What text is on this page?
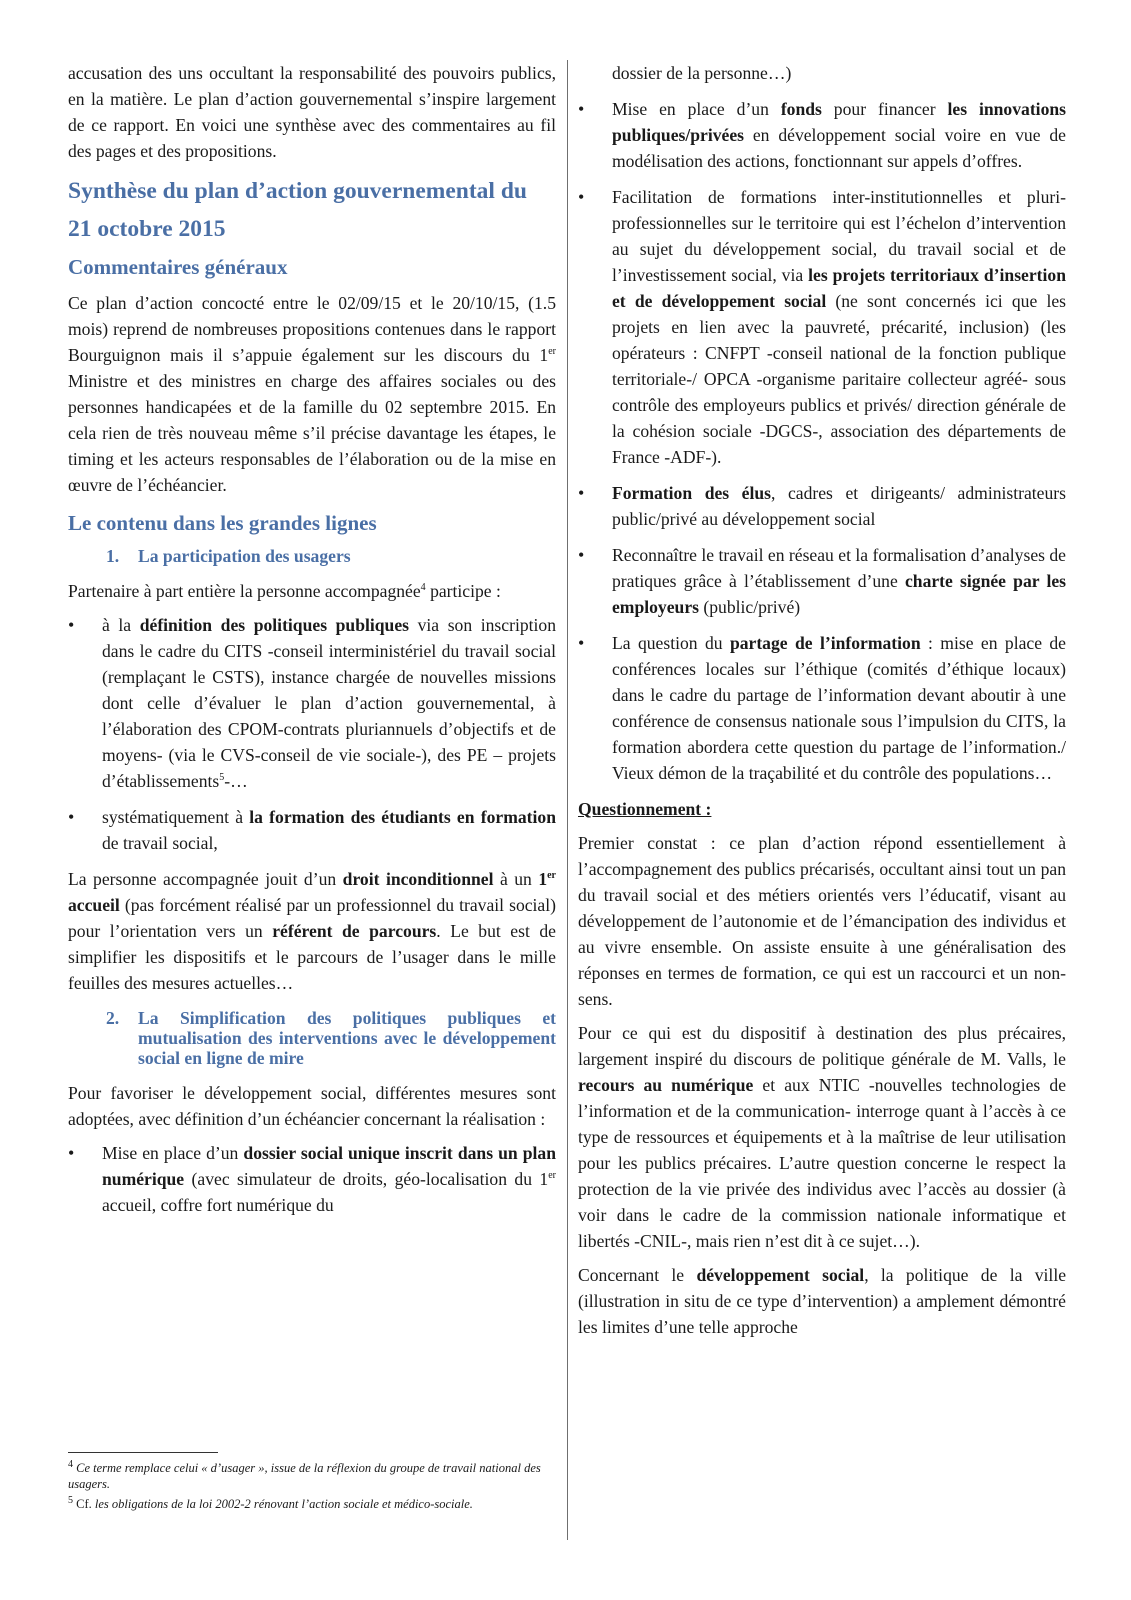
accusation des uns occultant la responsabilité des pouvoirs publics, en la matière. Le plan d’action gouvernemental s’inspire largement de ce rapport. En voici une synthèse avec des commentaires au fil des pages et des propositions.

Synthèse du plan d’action gouvernemental du 21 octobre 2015
Commentaires généraux

Ce plan d’action concocté entre le 02/09/15 et le 20/10/15, (1.5 mois) reprend de nombreuses propositions contenues dans le rapport Bourguignon mais il s’appuie également sur les discours du 1er Ministre et des ministres en charge des affaires sociales ou des personnes handicapées et de la famille du 02 septembre 2015. En cela rien de très nouveau même s’il précise davantage les étapes, le timing et les acteurs responsables de l’élaboration ou de la mise en œuvre de l’échéancier.

Le contenu dans les grandes lignes
1. La participation des usagers

Partenaire à part entière la personne accompagnée$^4$ participe :

• à la définition des politiques publiques via son inscription dans le cadre du CITS -conseil interministériel du travail social (remplaçant le CSTS), instance chargée de nouvelles missions dont celle d’évaluer le plan d’action gouvernemental, à l’élaboration des CPOM-contrats pluriannuels d’objectifs et de moyens- (via le CVS-conseil de vie sociale-), des PE – projets d’établissements$^5$-…
• systématiquement à la formation des étudiants en formation de travail social,

La personne accompagnée jouit d’un droit inconditionnel à un 1er accueil (pas forcément réalisé par un professionnel du travail social) pour l’orientation vers un référent de parcours. Le but est de simplifier les dispositifs et le parcours de l’usager dans le mille feuilles des mesures actuelles…

2. La Simplification des politiques publiques et mutualisation des interventions avec le développement social en ligne de mire

Pour favoriser le développement social, différentes mesures sont adoptées, avec définition d’un échéancier concernant la réalisation :

• Mise en place d’un dossier social unique inscrit dans un plan numérique (avec simulateur de droits, géo-localisation du 1er accueil, coffre fort numérique du

dossier de la personne…)

• Mise en place d’un fonds pour financer les innovations publiques/privées en développement social voire en vue de modélisation des actions, fonctionnant sur appels d’offres.
• Facilitation de formations inter-institutionnelles et pluri-professionnelles sur le territoire qui est l’échelon d’intervention au sujet du développement social, du travail social et de l’investissement social, via les projets territoriaux d’insertion et de développement social (ne sont concernés ici que les projets en lien avec la pauvreté, précarité, inclusion) (les opérateurs : CNFPT -conseil national de la fonction publique territoriale-/ OPCA -organisme paritaire collecteur agréé- sous contrôle des employeurs publics et privés/ direction générale de la cohésion sociale -DGCS-, association des départements de France -ADF-).
• Formation des élus, cadres et dirigeants/ administrateurs public/privé au développement social
• Reconnaître le travail en réseau et la formalisation d’analyses de pratiques grâce à l’établissement d’une charte signée par les employeurs (public/privé)
• La question du partage de l’information : mise en place de conférences locales sur l’éthique (comités d’éthique locaux) dans le cadre du partage de l’information devant aboutir à une conférence de consensus nationale sous l’impulsion du CITS, la formation abordera cette question du partage de l’information./ Vieux démon de la traçabilité et du contrôle des populations…

Questionnement :

Premier constat : ce plan d’action répond essentiellement à l’accompagnement des publics précarisés, occultant ainsi tout un pan du travail social et des métiers orientés vers l’éducatif, visant au développement de l’autonomie et de l’émancipation des individus et au vivre ensemble. On assiste ensuite à une généralisation des réponses en termes de formation, ce qui est un raccourci et un non-sens.

Pour ce qui est du dispositif à destination des plus précaires, largement inspiré du discours de politique générale de M. Valls, le recours au numérique et aux NTIC -nouvelles technologies de l’information et de la communication- interroge quant à l’accès à ce type de ressources et équipements et à la maîtrise de leur utilisation pour les publics précaires. L’autre question concerne le respect la protection de la vie privée des individus avec l’accès au dossier (à voir dans le cadre de la commission nationale informatique et libertés -CNIL-, mais rien n’est dit à ce sujet…).

Concernant le développement social, la politique de la ville (illustration in situ de ce type d’intervention) a amplement démontré les limites d’une telle approche

$^4$ Ce terme remplace celui « d’usager », issue de la réflexion du groupe de travail national des usagers.
$^5$ Cf. les obligations de la loi 2002-2 rénovant l’action sociale et médico-sociale.
